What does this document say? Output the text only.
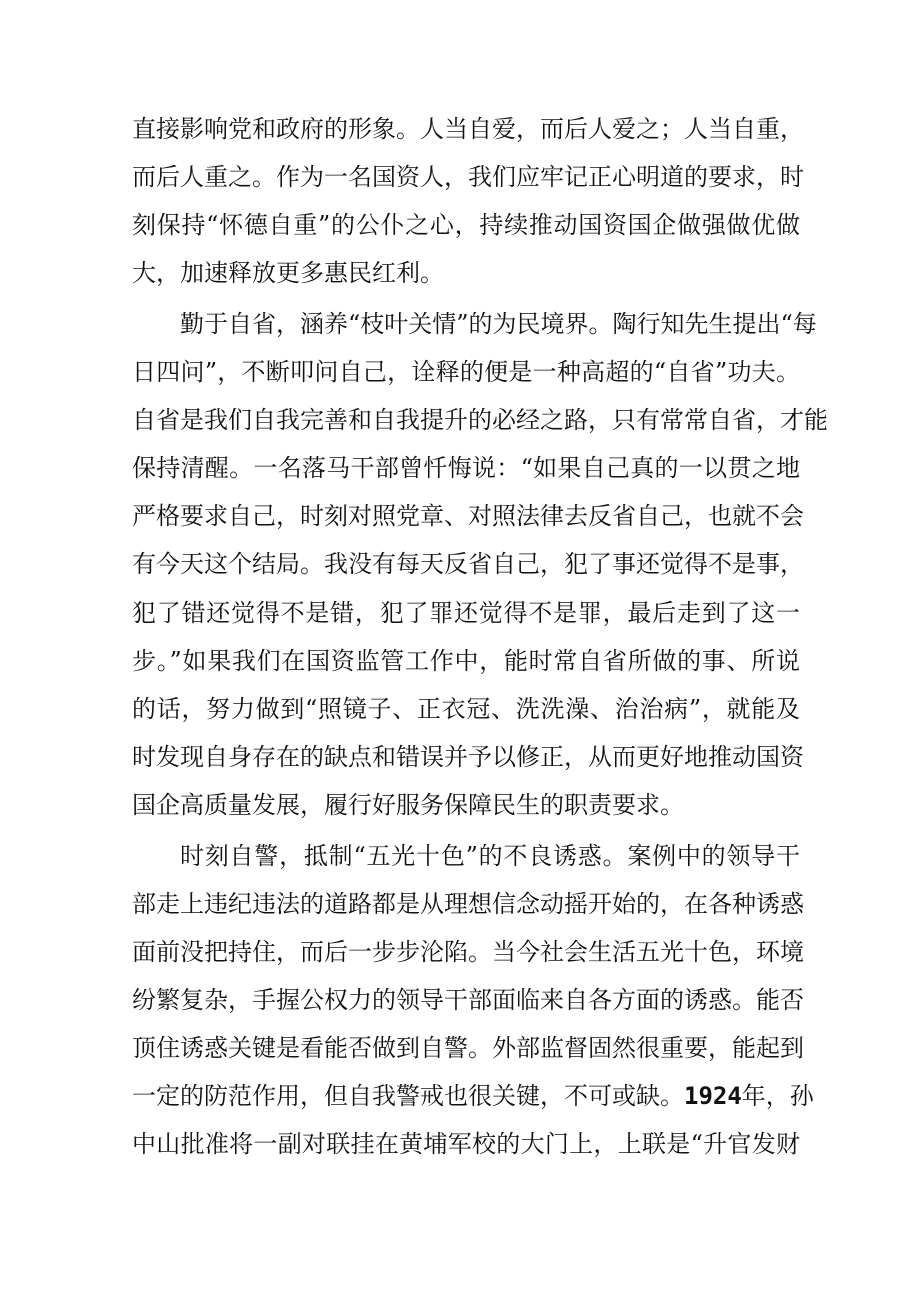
直接影响党和政府的形象。人当自爱，而后人爱之；人当自重，
而后人重之。作为一名国资人，我们应牢记正心明道的要求，时
刻保持“怀德自重”的公仆之心，持续推动国资国企做强做优做
大，加速释放更多惠民红利。
勤于自省，涵养“枝叶关情”的为民境界。陶行知先生提出“每
日四问”，不断叩问自己，诠释的便是一种高超的“自省”功夫。
自省是我们自我完善和自我提升的必经之路，只有常常自省，才能
保持清醒。一名落马干部曾忏悔说：“如果自己真的一以贯之地
严格要求自己，时刻对照党章、对照法律去反省自己，也就不会
有今天这个结局。我没有每天反省自己，犯了事还觉得不是事，
犯了错还觉得不是错，犯了罪还觉得不是罪，最后走到了这一
步。”如果我们在国资监管工作中，能时常自省所做的事、所说
的话，努力做到“照镜子、正衣冠、洗洗澡、治治病”，就能及
时发现自身存在的缺点和错误并予以修正，从而更好地推动国资
国企高质量发展，履行好服务保障民生的职责要求。
时刻自警，抵制“五光十色”的不良诱惑。案例中的领导干
部走上违纪违法的道路都是从理想信念动摇开始的，在各种诱惑
面前没把持住，而后一步步沦陷。当今社会生活五光十色，环境
纷繁复杂，手握公权力的领导干部面临来自各方面的诱惑。能否
顶住诱惑关键是看能否做到自警。外部监督固然很重要，能起到
一定的防范作用，但自我警戒也很关键，不可或缺。1924年，孙
中山批准将一副对联挂在黄埔军校的大门上，上联是“升官发财
